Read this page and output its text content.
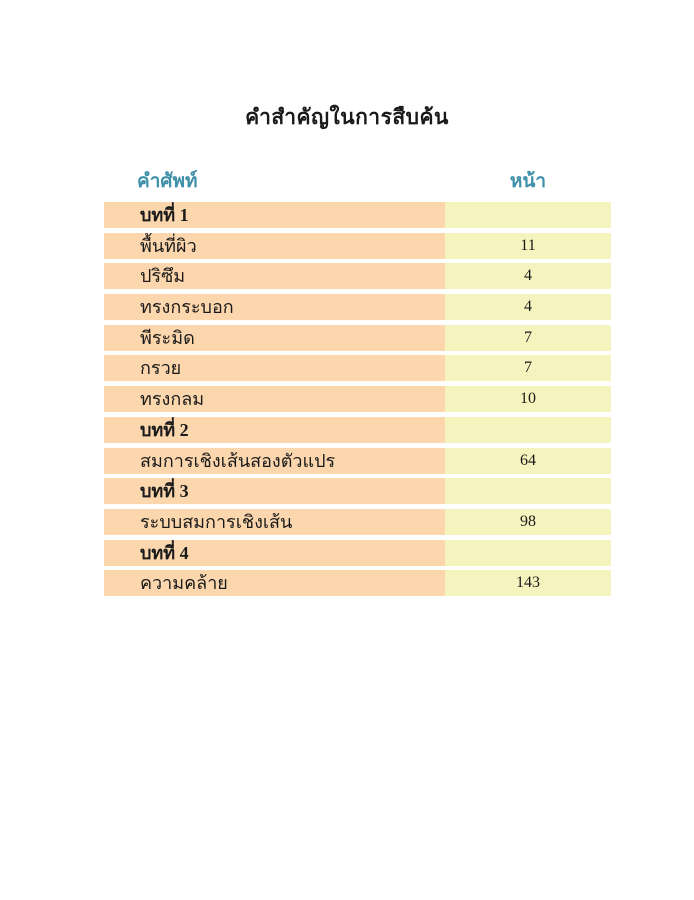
คำสำคัญในการสืบค้น
คำศัพท์	หน้า
บทที่ 1
พื้นที่ผิว	11
ปริซึม	4
ทรงกระบอก	4
พีระมิด	7
กรวย	7
ทรงกลม	10
บทที่ 2
สมการเชิงเส้นสองตัวแปร	64
บทที่ 3
ระบบสมการเชิงเส้น	98
บทที่ 4
ความคล้าย	143
